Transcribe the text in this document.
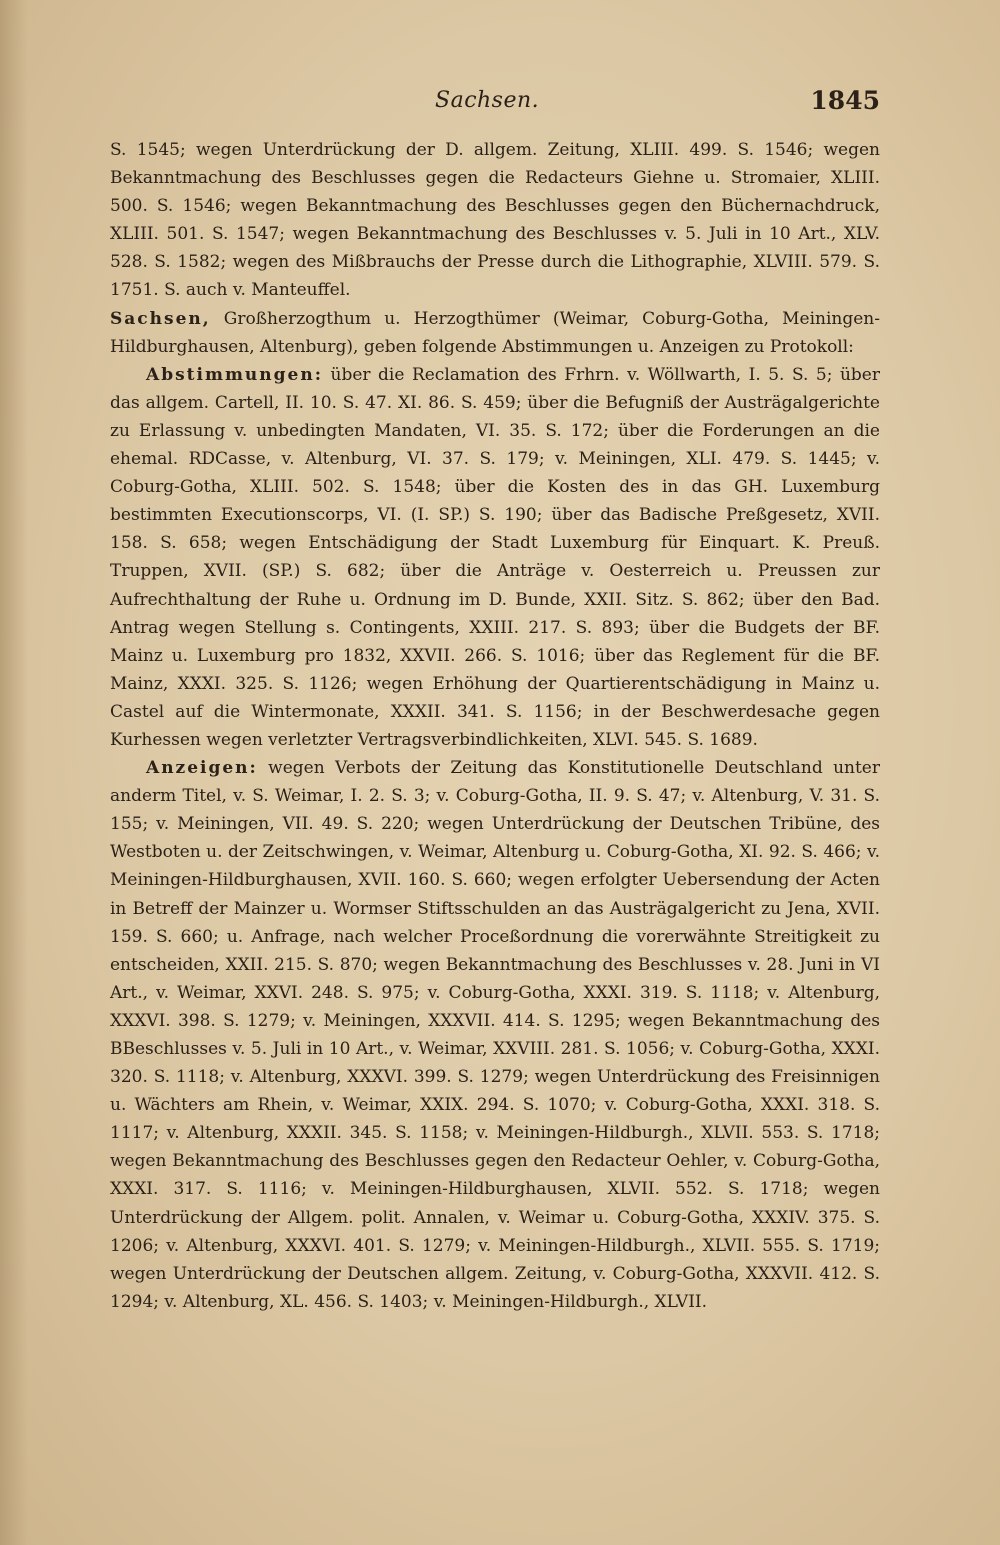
Sachsen.	1845

S. 1545; wegen Unterdrückung der D. allgem. Zeitung, XLIII. 499. S. 1546; wegen Bekanntmachung des Beschlusses gegen die Redacteurs Giehne u. Stromaier, XLIII. 500. S. 1546; wegen Bekanntmachung des Beschlusses gegen den Büchernachdruck, XLIII. 501. S. 1547; wegen Bekanntmachung des Beschlusses v. 5. Juli in 10 Art., XLV. 528. S. 1582; wegen des Mißbrauchs der Presse durch die Lithographie, XLVIII. 579. S. 1751. S. auch v. Manteuffel.

Sachsen, Großherzogthum u. Herzogthümer (Weimar, Coburg-Gotha, Meiningen-Hildburghausen, Altenburg), geben folgende Abstimmungen u. Anzeigen zu Protokoll:

Abstimmungen: über die Reclamation des Frhrn. v. Wöllwarth, I. 5. S. 5; über das allgem. Cartell, II. 10. S. 47. XI. 86. S. 459; über die Befugniß der Austrägalgerichte zu Erlassung v. unbedingten Mandaten, VI. 35. S. 172; über die Forderungen an die ehemal. RDCasse, v. Altenburg, VI. 37. S. 179; v. Meiningen, XLI. 479. S. 1445; v. Coburg-Gotha, XLIII. 502. S. 1548; über die Kosten des in das GH. Luxemburg bestimmten Executionscorps, VI. (I. SP.) S. 190; über das Badische Preßgesetz, XVII. 158. S. 658; wegen Entschädigung der Stadt Luxemburg für Einquart. K. Preuß. Truppen, XVII. (SP.) S. 682; über die Anträge v. Oesterreich u. Preussen zur Aufrechthaltung der Ruhe u. Ordnung im D. Bunde, XXII. Sitz. S. 862; über den Bad. Antrag wegen Stellung s. Contingents, XXIII. 217. S. 893; über die Budgets der BF. Mainz u. Luxemburg pro 1832, XXVII. 266. S. 1016; über das Reglement für die BF. Mainz, XXXI. 325. S. 1126; wegen Erhöhung der Quartierentschädigung in Mainz u. Castel auf die Wintermonate, XXXII. 341. S. 1156; in der Beschwerdesache gegen Kurhessen wegen verletzter Vertragsverbindlichkeiten, XLVI. 545. S. 1689.

Anzeigen: wegen Verbots der Zeitung das Konstitutionelle Deutschland unter anderm Titel, v. S. Weimar, I. 2. S. 3; v. Coburg-Gotha, II. 9. S. 47; v. Altenburg, V. 31. S. 155; v. Meiningen, VII. 49. S. 220; wegen Unterdrückung der Deutschen Tribüne, des Westboten u. der Zeitschwingen, v. Weimar, Altenburg u. Coburg-Gotha, XI. 92. S. 466; v. Meiningen-Hildburghausen, XVII. 160. S. 660; wegen erfolgter Uebersendung der Acten in Betreff der Mainzer u. Wormser Stiftsschulden an das Austrägalgericht zu Jena, XVII. 159. S. 660; u. Anfrage, nach welcher Proceßordnung die vorerwähnte Streitigkeit zu entscheiden, XXII. 215. S. 870; wegen Bekanntmachung des Beschlusses v. 28. Juni in VI Art., v. Weimar, XXVI. 248. S. 975; v. Coburg-Gotha, XXXI. 319. S. 1118; v. Altenburg, XXXVI. 398. S. 1279; v. Meiningen, XXXVII. 414. S. 1295; wegen Bekanntmachung des BBeschlusses v. 5. Juli in 10 Art., v. Weimar, XXVIII. 281. S. 1056; v. Coburg-Gotha, XXXI. 320. S. 1118; v. Altenburg, XXXVI. 399. S. 1279; wegen Unterdrückung des Freisinnigen u. Wächters am Rhein, v. Weimar, XXIX. 294. S. 1070; v. Coburg-Gotha, XXXI. 318. S. 1117; v. Altenburg, XXXII. 345. S. 1158; v. Meiningen-Hildburgh., XLVII. 553. S. 1718; wegen Bekanntmachung des Beschlusses gegen den Redacteur Oehler, v. Coburg-Gotha, XXXI. 317. S. 1116; v. Meiningen-Hildburghausen, XLVII. 552. S. 1718; wegen Unterdrückung der Allgem. polit. Annalen, v. Weimar u. Coburg-Gotha, XXXIV. 375. S. 1206; v. Altenburg, XXXVI. 401. S. 1279; v. Meiningen-Hildburgh., XLVII. 555. S. 1719; wegen Unterdrückung der Deutschen allgem. Zeitung, v. Coburg-Gotha, XXXVII. 412. S. 1294; v. Altenburg, XL. 456. S. 1403; v. Meiningen-Hildburgh., XLVII.
